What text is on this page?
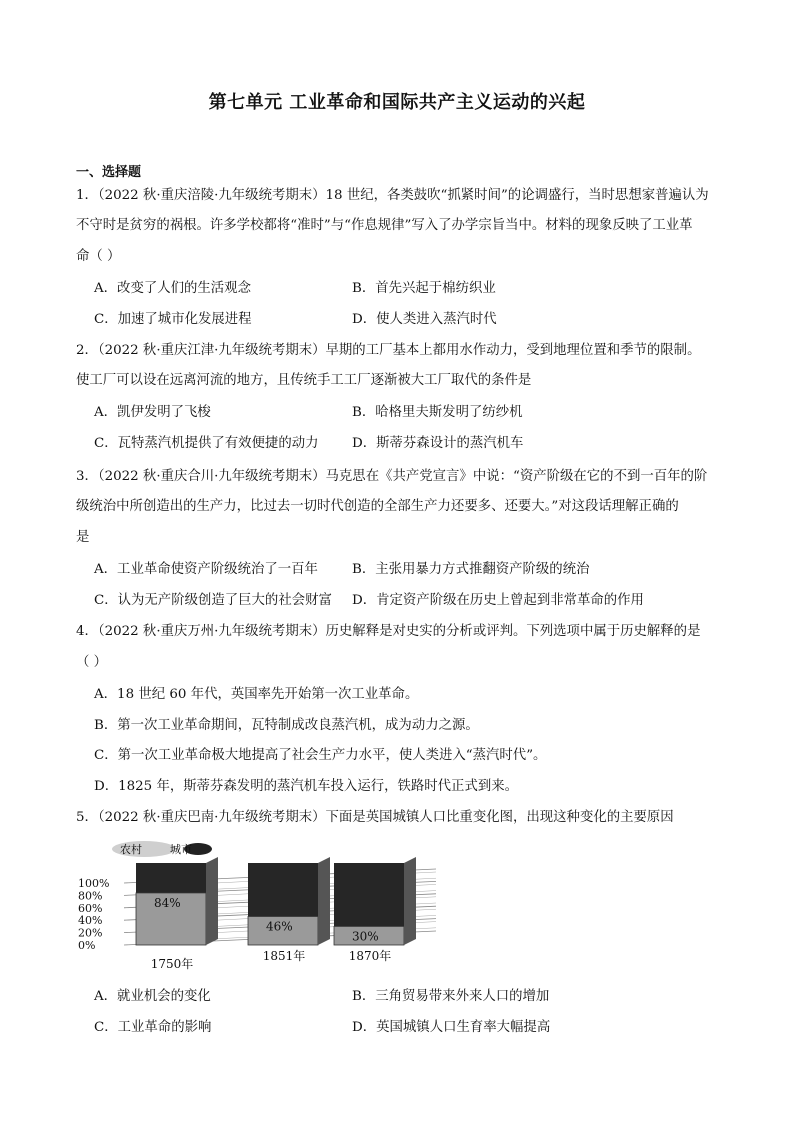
第七单元 工业革命和国际共产主义运动的兴起
一、选择题
1．（2022 秋·重庆涪陵·九年级统考期末）18 世纪，各类鼓吹“抓紧时间”的论调盛行，当时思想家普遍认为
不守时是贫穷的祸根。许多学校都将“准时”与“作息规律”写入了办学宗旨当中。材料的现象反映了工业革
命（ ）
A．改变了人们的生活观念	B．首先兴起于棉纺织业
C．加速了城市化发展进程	D．使人类进入蒸汽时代
2．（2022 秋·重庆江津·九年级统考期末）早期的工厂基本上都用水作动力，受到地理位置和季节的限制。
使工厂可以设在远离河流的地方，且传统手工工厂逐渐被大工厂取代的条件是
A．凯伊发明了飞梭	B．哈格里夫斯发明了纺纱机
C．瓦特蒸汽机提供了有效便捷的动力	D．斯蒂芬森设计的蒸汽机车
3．（2022 秋·重庆合川·九年级统考期末）马克思在《共产党宣言》中说：“资产阶级在它的不到一百年的阶
级统治中所创造出的生产力，比过去一切时代创造的全部生产力还要多、还要大。”对这段话理解正确的
是
A．工业革命使资产阶级统治了一百年	B．主张用暴力方式推翻资产阶级的统治
C．认为无产阶级创造了巨大的社会财富 D．肯定资产阶级在历史上曾起到非常革命的作用
4．（2022 秋·重庆万州·九年级统考期末）历史解释是对史实的分析或评判。下列选项中属于历史解释的是
（ ）
A．18 世纪 60 年代，英国率先开始第一次工业革命。
B．第一次工业革命期间，瓦特制成改良蒸汽机，成为动力之源。
C．第一次工业革命极大地提高了社会生产力水平，使人类进入“蒸汽时代”。
D．1825 年，斯蒂芬森发明的蒸汽机车投入运行，铁路时代正式到来。
5．（2022 秋·重庆巴南·九年级统考期末）下面是英国城镇人口比重变化图，出现这种变化的主要原因
农村	城市
100%
80%
60%
40%
20%
0%
84%
1750年
46%
1851年
30%
1870年
A．就业机会的变化	B．三角贸易带来外来人口的增加
C．工业革命的影响	D．英国城镇人口生育率大幅提高
